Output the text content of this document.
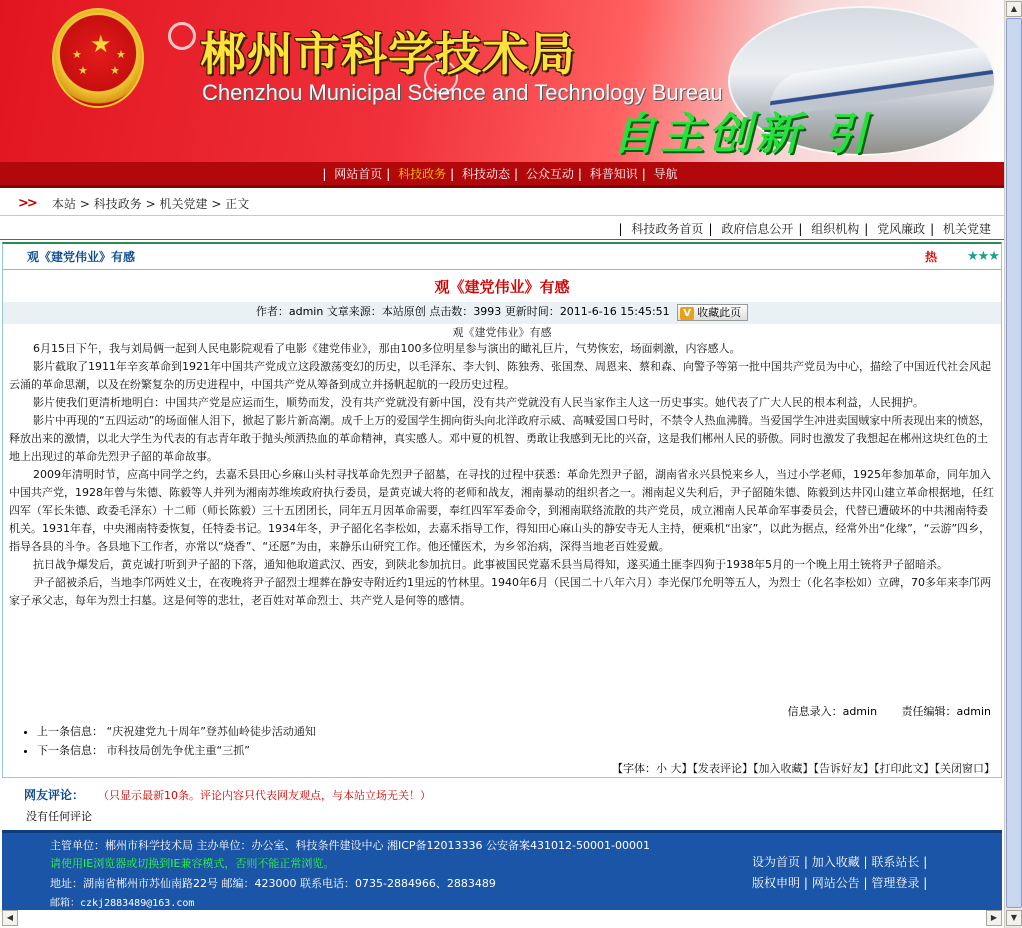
★
★	★
★ ★ 郴州市科学技术局
Chenzhou Municipal Science and Technology Bureau
自主创新 引
| 网站首页 | 科技政务 | 科技动态 | 公众互动 | 科普知识 | 导航
>> 本站 > 科技政务 > 机关党建 > 正文
| 科技政务首页 | 政府信息公开 | 组织机构 | 党风廉政 | 机关党建
观《建党伟业》有感	热 ★★★
观《建党伟业》有感
作者：admin 文章来源：本站原创 点击数：3993 更新时间：2011-6-16 15:45:51 V 收藏此页
观《建党伟业》有感

6月15日下午，我与刘局俩一起到人民电影院观看了电影《建党伟业》，那由100多位明星参与演出的瞰礼巨片，气势恢宏，场面刺激，内容感人。

影片截取了1911年辛亥革命到1921年中国共产党成立这段激荡变幻的历史，以毛泽东、李大钊、陈独秀、张国焘、周恩来、蔡和森、向警予等第一批中国共产党员为中心，描绘了中国近代社会风起云涌的革命思潮，以及在纷繁复杂的历史进程中，中国共产党从筹备到成立并扬帆起航的一段历史过程。

影片使我们更清析地明白：中国共产党是应运而生，顺势而发，没有共产党就没有新中国，没有共产党就没有人民当家作主人这一历史事实。她代表了广大人民的根本利益，人民拥护。

影片中再现的“五四运动”的场面催人泪下，掀起了影片新高潮。成千上万的爱国学生拥向街头向北洋政府示威、高喊爱国口号时，不禁令人热血沸腾。当爱国学生冲进卖国贼家中所表现出来的愤怒，释放出来的激情，以北大学生为代表的有志青年敢于抛头颅洒热血的革命精神，真实感人。邓中夏的机智、勇敢让我感到无比的兴奋，这是我们郴州人民的骄傲。同时也激发了我想起在郴州这块红色的土地上出现过的革命先烈尹子韶的革命故事。

2009年清明时节，应高中同学之约，去嘉禾县田心乡麻山头村寻找革命先烈尹子韶墓，在寻找的过程中获悉：革命先烈尹子韶，湖南省永兴县悦来乡人，当过小学老师，1925年参加革命，同年加入中国共产党，1928年曾与朱德、陈毅等人并列为湘南苏维埃政府执行委员，是黄克诚大将的老师和战友，湘南暴动的组织者之一。湘南起义失利后，尹子韶随朱德、陈毅到达井冈山建立革命根据地，任红四军（军长朱德、政委毛泽东）十二师（师长陈毅）三十五团团长，同年五月因革命需要，奉红四军军委命令，到湘南联络流散的共产党员，成立湘南人民革命军事委员会，代替已遭破坏的中共湘南特委机关。1931年春，中央湘南特委恢复，任特委书记。1934年冬，尹子韶化名李松如，去嘉禾指导工作，得知田心麻山头的静安寺无人主持，便乘机“出家”，以此为据点，经常外出“化缘”，“云游”四乡，指导各县的斗争。各县地下工作者，亦常以“烧香”、“还愿”为由，来静乐山研究工作。他还懂医术，为乡邻治病，深得当地老百姓爱戴。

抗日战争爆发后，黄克诚打听到尹子韶的下落，通知他取道武汉、西安，到陕北参加抗日。此事被国民党嘉禾县当局得知，遂买通土匪李四狗于1938年5月的一个晚上用土铳将尹子韶暗杀。

尹子韶被杀后，当地李邝两姓义士，在夜晚将尹子韶烈士埋葬在静安寺附近约1里远的竹林里。1940年6月（民国二十八年六月）李光保邝允明等五人，为烈士（化名李松如）立碑，70多年来李邝两家子承父志，每年为烈士扫墓。这是何等的悲壮，老百姓对革命烈士、共产党人是何等的感情。

信息录入：admin 责任编辑：admin
• 上一条信息： “庆祝建党九十周年”登苏仙岭徒步活动通知
• 下一条信息： 市科技局创先争优主重“三抓”
【字体：小 大】【发表评论】【加入收藏】【告诉好友】【打印此文】【关闭窗口】
网友评论： （只显示最新10条。评论内容只代表网友观点，与本站立场无关！）
没有任何评论
主管单位：郴州市科学技术局 主办单位：办公室、科技条件建设中心 湘ICP备12013336 公安备案431012-50001-00001
请使用IE浏览器或切换到IE兼容模式，否则不能正常浏览。
地址：湖南省郴州市苏仙南路22号 邮编：423000 联系电话：0735-2884966、2883489
邮箱：czkj2883489@163.com
设为首页 | 加入收藏 | 联系站长 |
版权申明 | 网站公告 | 管理登录 |
◀	▶
▲
▼
